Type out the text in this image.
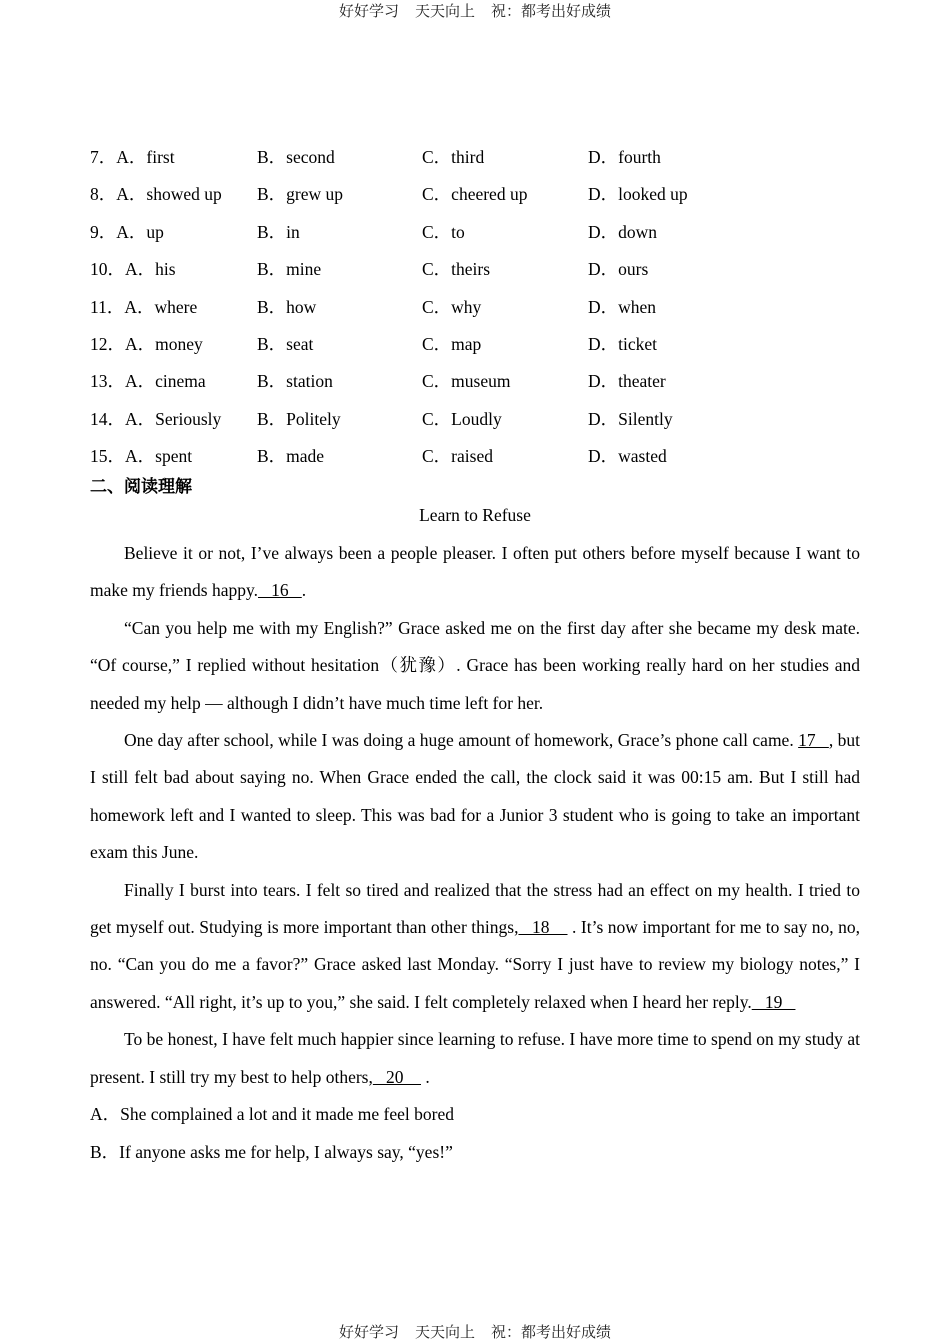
好好学习 天天向上 祝：都考出好成绩
7．A．first	B．second	C．third	D．fourth
8．A．showed up B．grew up	C．cheered up	D．looked up
9．A．up	B．in	C．to	D．down
10．A．his	B．mine	C．theirs	D．ours
11．A．where	B．how	C．why	D．when
12．A．money	B．seat	C．map	D．ticket
13．A．cinema	B．station	C．museum	D．theater
14．A．Seriously B．Politely	C．Loudly	D．Silently
15．A．spent	B．made	C．raised	D．wasted
二、阅读理解
Learn to Refuse

Believe it or not, I’ve always been a people pleaser. I often put others before myself because I want to make my friends happy.   16   .

“Can you help me with my English?” Grace asked me on the first day after she became my desk mate. “Of course,” I replied without hesitation（犹豫）. Grace has been working really hard on her studies and needed my help — although I didn’t have much time left for her.

One day after school, while I was doing a huge amount of homework, Grace’s phone call came. 17   , but I still felt bad about saying no. When Grace ended the call, the clock said it was 00:15 am. But I still had homework left and I wanted to sleep. This was bad for a Junior 3 student who is going to take an important exam this June.

Finally I burst into tears. I felt so tired and realized that the stress had an effect on my health. I tried to get myself out. Studying is more important than other things,   18     . It’s now important for me to say no, no, no. “Can you do me a favor?” Grace asked last Monday. “Sorry I just have to review my biology notes,” I answered. “All right, it’s up to you,” she said. I felt completely relaxed when I heard her reply.   19

To be honest, I have felt much happier since learning to refuse. I have more time to spend on my study at present. I still try my best to help others,   20     .

A．She complained a lot and it made me feel bored

B．If anyone asks me for help, I always say, “yes!”

好好学习 天天向上 祝：都考出好成绩
